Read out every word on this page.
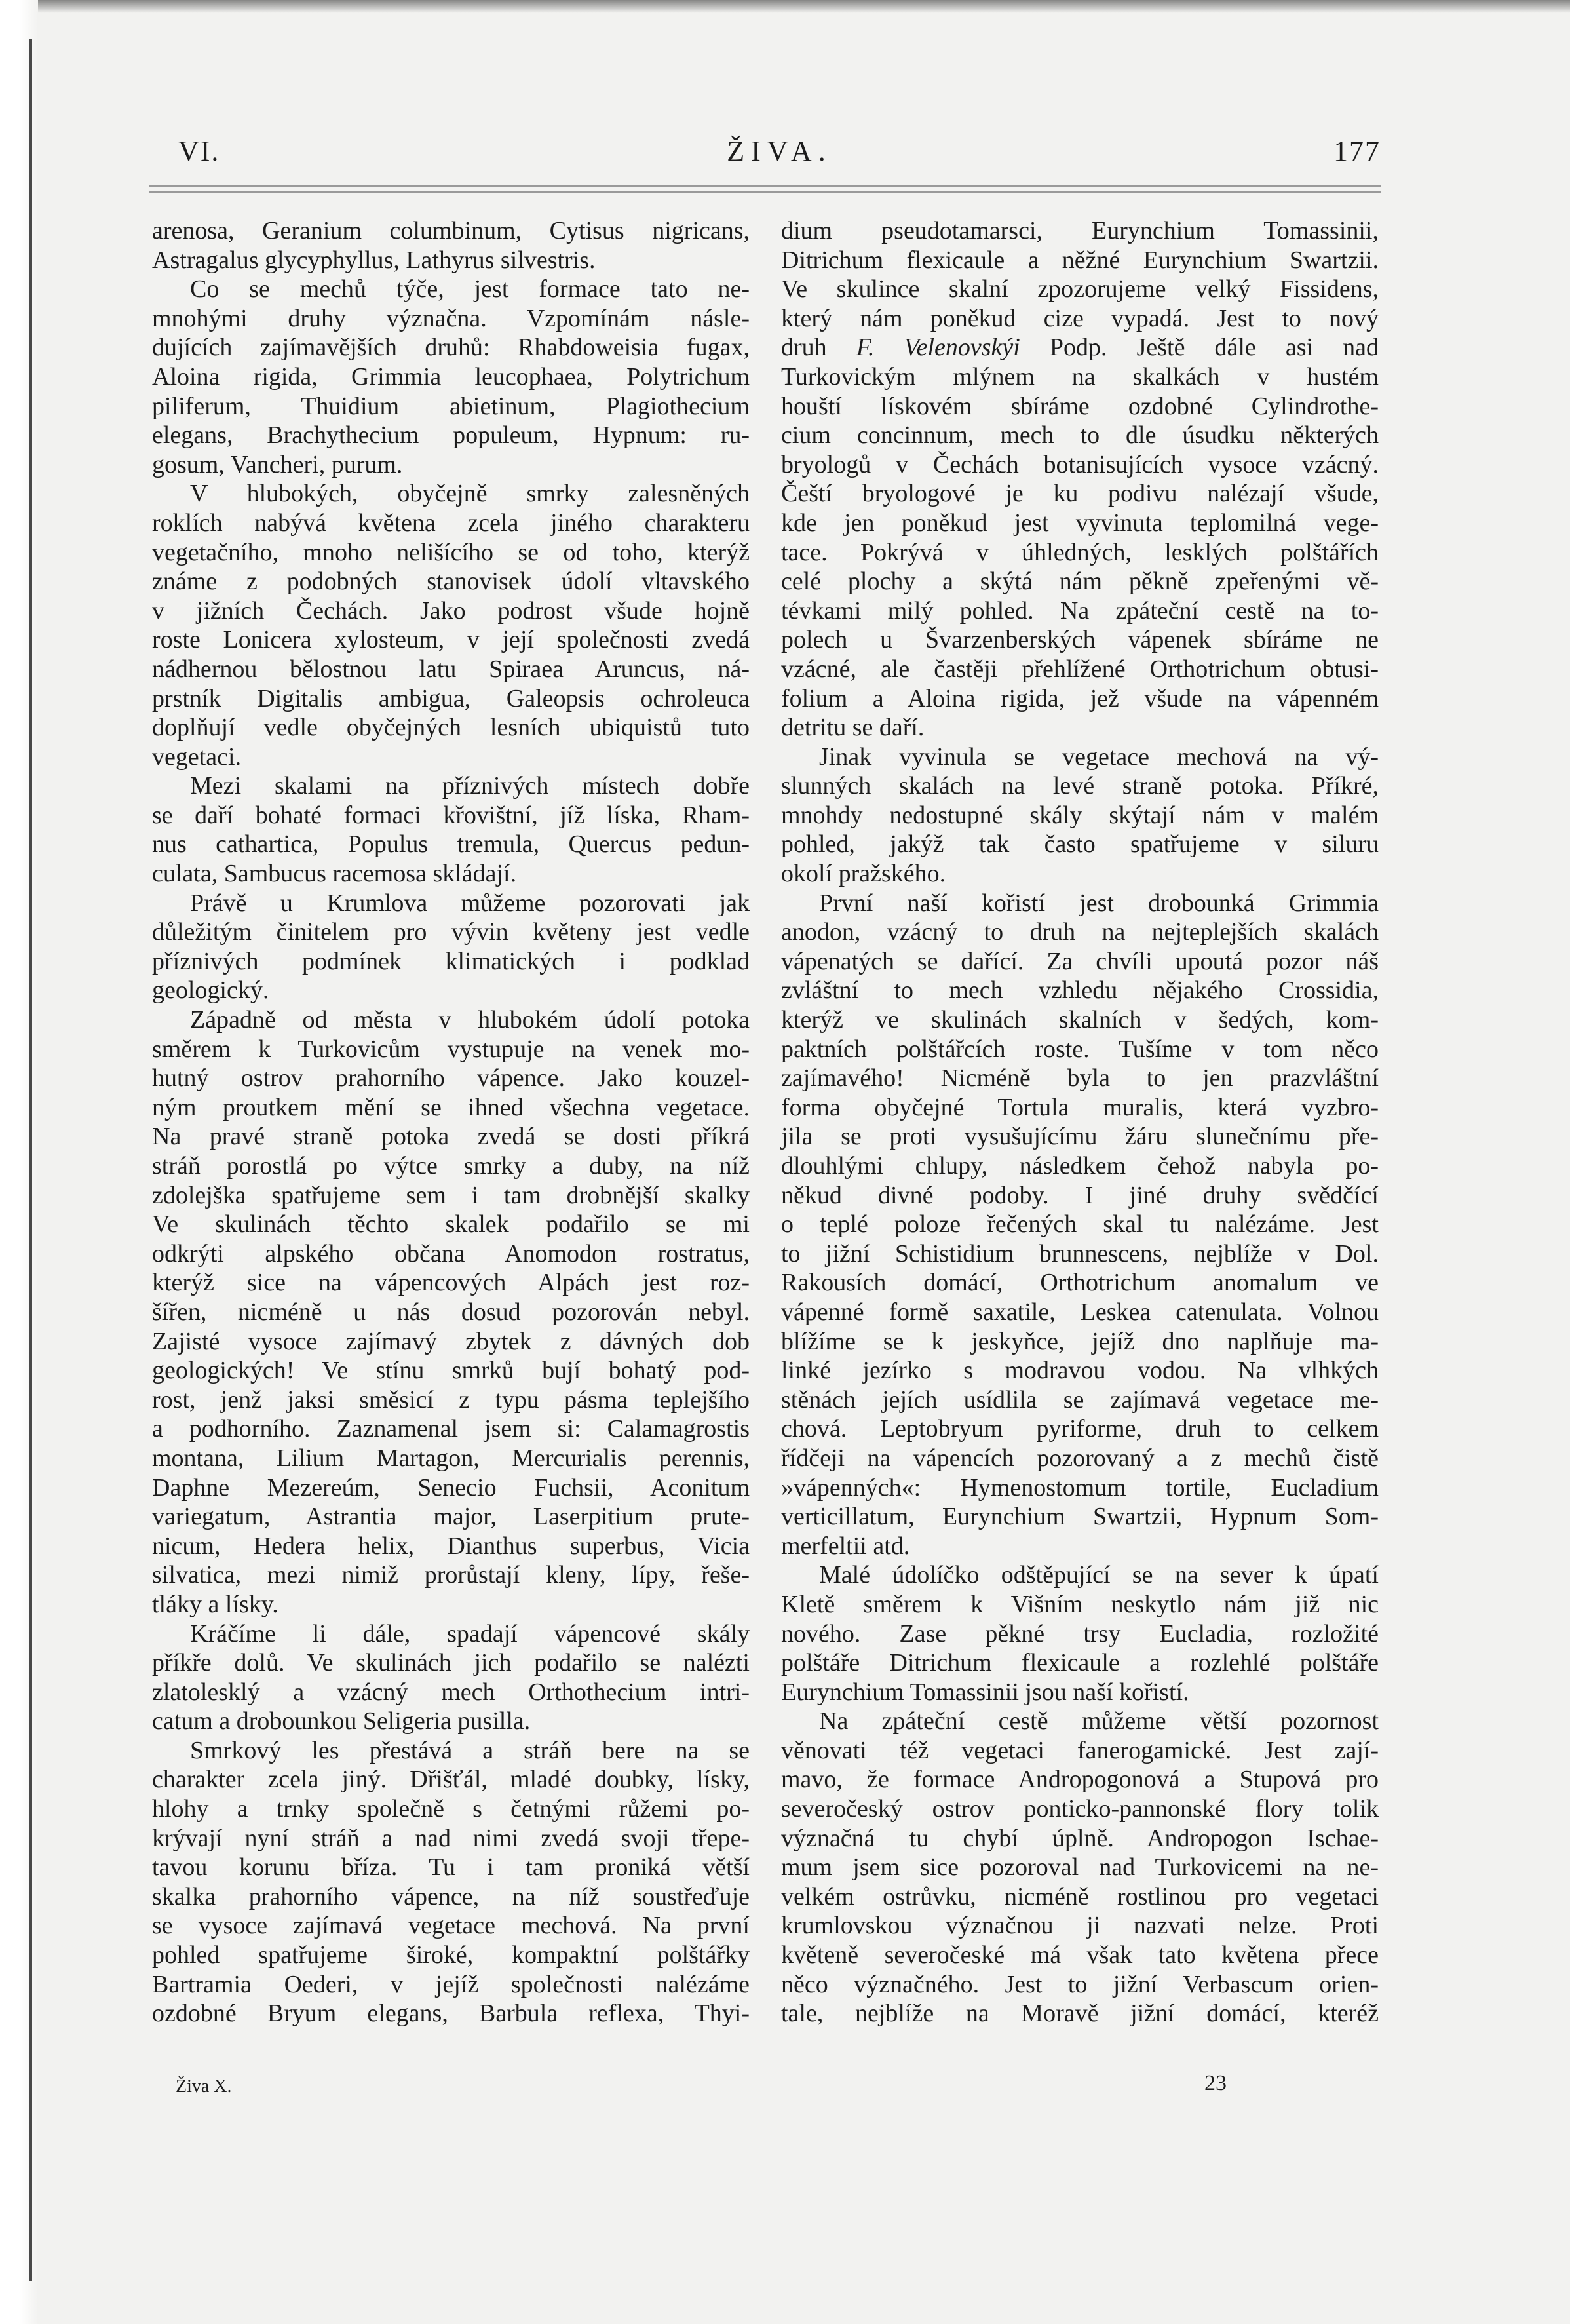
VI.	ŽIVA.	177
arenosa, Geranium columbinum, Cytisus nigricans,
Astragalus glycyphyllus, Lathyrus silvestris.
Co se mechů týče, jest formace tato ne-
mnohými druhy význačna. Vzpomínám násle-
dujících zajímavějších druhů: Rhabdoweisia fugax,
Aloina rigida, Grimmia leucophaea, Polytrichum
piliferum, Thuidium abietinum, Plagiothecium
elegans, Brachythecium populeum, Hypnum: ru-
gosum, Vancheri, purum.
V hlubokých, obyčejně smrky zalesněných
roklích nabývá květena zcela jiného charakteru
vegetačního, mnoho nelišícího se od toho, kterýž
známe z podobných stanovisek údolí vltavského
v jižních Čechách. Jako podrost všude hojně
roste Lonicera xylosteum, v její společnosti zvedá
nádhernou bělostnou latu Spiraea Aruncus, ná-
prstník Digitalis ambigua, Galeopsis ochroleuca
doplňují vedle obyčejných lesních ubiquistů tuto
vegetaci.
Mezi skalami na příznivých místech dobře
se daří bohaté formaci křovištní, jíž líska, Rham-
nus cathartica, Populus tremula, Quercus pedun-
culata, Sambucus racemosa skládají.
Právě u Krumlova můžeme pozorovati jak
důležitým činitelem pro vývin květeny jest vedle
příznivých podmínek klimatických i podklad
geologický.
Západně od města v hlubokém údolí potoka
směrem k Turkovicům vystupuje na venek mo-
hutný ostrov prahorního vápence. Jako kouzel-
ným proutkem mění se ihned všechna vegetace.
Na pravé straně potoka zvedá se dosti příkrá
stráň porostlá po výtce smrky a duby, na níž
zdolejška spatřujeme sem i tam drobnější skalky
Ve skulinách těchto skalek podařilo se mi
odkrýti alpského občana Anomodon rostratus,
kterýž sice na vápencových Alpách jest roz-
šířen, nicméně u nás dosud pozorován nebyl.
Zajisté vysoce zajímavý zbytek z dávných dob
geologických! Ve stínu smrků bují bohatý pod-
rost, jenž jaksi směsicí z typu pásma teplejšího
a podhorního. Zaznamenal jsem si: Calamagrostis
montana, Lilium Martagon, Mercurialis perennis,
Daphne Mezereúm, Senecio Fuchsii, Aconitum
variegatum, Astrantia major, Laserpitium prute-
nicum, Hedera helix, Dianthus superbus, Vicia
silvatica, mezi nimiž prorůstají kleny, lípy, řeše-
tláky a lísky.
Kráčíme li dále, spadají vápencové skály
příkře dolů. Ve skulinách jich podařilo se nalézti
zlatolesklý a vzácný mech Orthothecium intri-
catum a drobounkou Seligeria pusilla.
Smrkový les přestává a stráň bere na se
charakter zcela jiný. Dřišťál, mladé doubky, lísky,
hlohy a trnky společně s četnými růžemi po-
krývají nyní stráň a nad nimi zvedá svoji třepe-
tavou korunu bříza. Tu i tam proniká větší
skalka prahorního vápence, na níž soustřeďuje
se vysoce zajímavá vegetace mechová. Na první
pohled spatřujeme široké, kompaktní polštářky
Bartramia Oederi, v jejíž společnosti nalézáme
ozdobné Bryum elegans, Barbula reflexa, Thyi-
dium pseudotamarsci, Eurynchium Tomassinii,
Ditrichum flexicaule a něžné Eurynchium Swartzii.
Ve skulince skalní zpozorujeme velký Fissidens,
který nám poněkud cize vypadá. Jest to nový
druh F. Velenovskýi Podp. Ještě dále asi nad
Turkovickým mlýnem na skalkách v hustém
houští lískovém sbíráme ozdobné Cylindrothe-
cium concinnum, mech to dle úsudku některých
bryologů v Čechách botanisujících vysoce vzácný.
Čeští bryologové je ku podivu nalézají všude,
kde jen poněkud jest vyvinuta teplomilná vege-
tace. Pokrývá v úhledných, lesklých polštářích
celé plochy a skýtá nám pěkně zpeřenými vě-
tévkami milý pohled. Na zpáteční cestě na to-
polech u Švarzenberských vápenek sbíráme ne
vzácné, ale častěji přehlížené Orthotrichum obtusi-
folium a Aloina rigida, jež všude na vápenném
detritu se daří.
Jinak vyvinula se vegetace mechová na vý-
slunných skalách na levé straně potoka. Příkré,
mnohdy nedostupné skály skýtají nám v malém
pohled, jakýž tak často spatřujeme v siluru
okolí pražského.
První naší kořistí jest drobounká Grimmia
anodon, vzácný to druh na nejteplejších skalách
vápenatých se dařící. Za chvíli upoutá pozor náš
zvláštní to mech vzhledu nějakého Crossidia,
kterýž ve skulinách skalních v šedých, kom-
paktních polštářcích roste. Tušíme v tom něco
zajímavého! Nicméně byla to jen prazvláštní
forma obyčejné Tortula muralis, která vyzbro-
jila se proti vysušujícímu žáru slunečnímu pře-
dlouhlými chlupy, následkem čehož nabyla po-
někud divné podoby. I jiné druhy svědčící
o teplé poloze řečených skal tu nalézáme. Jest
to jižní Schistidium brunnescens, nejblíže v Dol.
Rakousích domácí, Orthotrichum anomalum ve
vápenné formě saxatile, Leskea catenulata. Volnou
blížíme se k jeskyňce, jejíž dno naplňuje ma-
linké jezírko s modravou vodou. Na vlhkých
stěnách jejích usídlila se zajímavá vegetace me-
chová. Leptobryum pyriforme, druh to celkem
řídčeji na vápencích pozorovaný a z mechů čistě
»vápenných«: Hymenostomum tortile, Eucladium
verticillatum, Eurynchium Swartzii, Hypnum Som-
merfeltii atd.
Malé údolíčko odštěpující se na sever k úpatí
Kletě směrem k Višním neskytlo nám již nic
nového. Zase pěkné trsy Eucladia, rozložité
polštáře Ditrichum flexicaule a rozlehlé polštáře
Eurynchium Tomassinii jsou naší kořistí.
Na zpáteční cestě můžeme větší pozornost
věnovati též vegetaci fanerogamické. Jest zají-
mavo, že formace Andropogonová a Stupová pro
severočeský ostrov ponticko-pannonské flory tolik
význačná tu chybí úplně. Andropogon Ischae-
mum jsem sice pozoroval nad Turkovicemi na ne-
velkém ostrůvku, nicméně rostlinou pro vegetaci
krumlovskou význačnou ji nazvati nelze. Proti
květeně severočeské má však tato květena přece
něco význačného. Jest to jižní Verbascum orien-
tale, nejblíže na Moravě jižní domácí, kteréž
Živa X.	23
